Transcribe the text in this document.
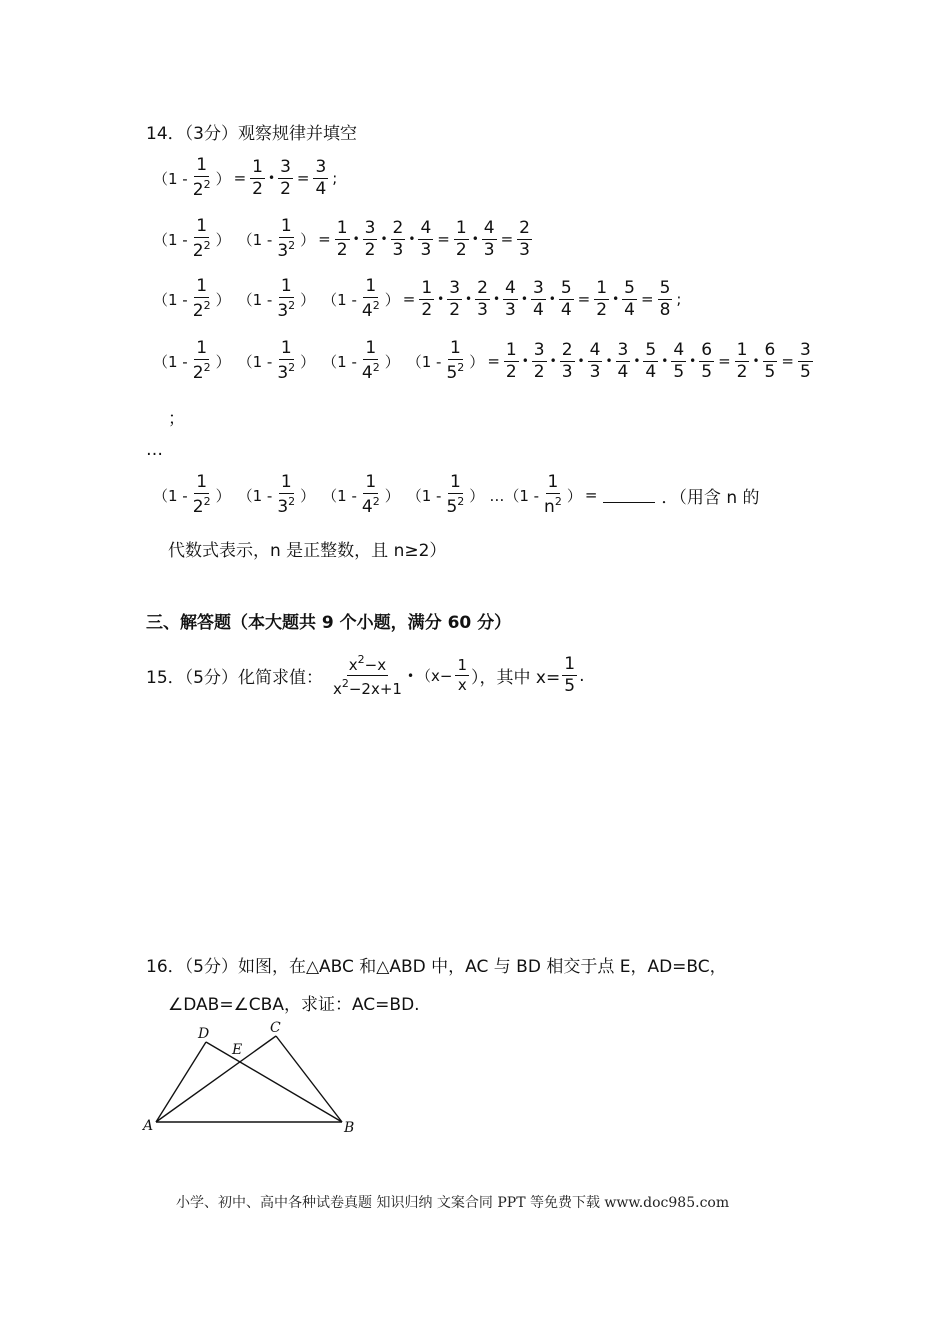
14．（3分）观察规律并填空
（$1 - \frac{1}{2^2}$ ） = $\frac{1}{2}$ • $\frac{3}{2} = \frac{3}{4}$ ;
（$1 - \frac{1}{2^2}$ ） （$1 - \frac{1}{3^2}$ ） = $\frac{1}{2}$ • $\frac{3}{2}$ • $\frac{2}{3}$ • $\frac{4}{3} = \frac{1}{2}$ • $\frac{4}{3} = \frac{2}{3}$
（$1 - \frac{1}{2^2}$ ） （$1 - \frac{1}{3^2}$ ） （$1 - \frac{1}{4^2}$ ） = $\frac{1}{2}$ • $\frac{3}{2}$ • $\frac{2}{3}$ • $\frac{4}{3}$ • $\frac{3}{4}$ • $\frac{5}{4} = \frac{1}{2}$ • $\frac{5}{4} = \frac{5}{8}$ ;
（$1 - \frac{1}{2^2}$ ） （$1 - \frac{1}{3^2}$ ） （$1 - \frac{1}{4^2}$ ） （$1 - \frac{1}{5^2}$ ） = $\frac{1}{2}$ • $\frac{3}{2}$ • $\frac{2}{3}$ • $\frac{4}{3}$ • $\frac{3}{4}$ • $\frac{5}{4}$ • $\frac{4}{5}$ • $\frac{6}{5} = \frac{1}{2}$ • $\frac{6}{5} = \frac{3}{5}$
；
…
（$1 - \frac{1}{2^2}$ ） （$1 - \frac{1}{3^2}$ ） （$1 - \frac{1}{4^2}$ ） （$1 - \frac{1}{5^2}$ ） …（1 - $\frac{1}{n^2}$ ） =	．（用含 n 的
代数式表示，n 是正整数，且 n≥2）
三、解答题（本大题共 9 个小题，满分 60 分）
15．（5分）化简求值： $\frac{x^2-x}{x^2-2x+1}$ • （$x- \frac{1}{x}$ ），其中 $x= \frac{1}{5}$ .
16．（5分）如图，在△ABC 和△ABD 中，AC 与 BD 相交于点 E，AD=BC，
∠DAB=∠CBA，求证：AC=BD.
A	B
C
D
E
小学、初中、高中各种试卷真题 知识归纳 文案合同 PPT 等免费下载 www.doc985.com
